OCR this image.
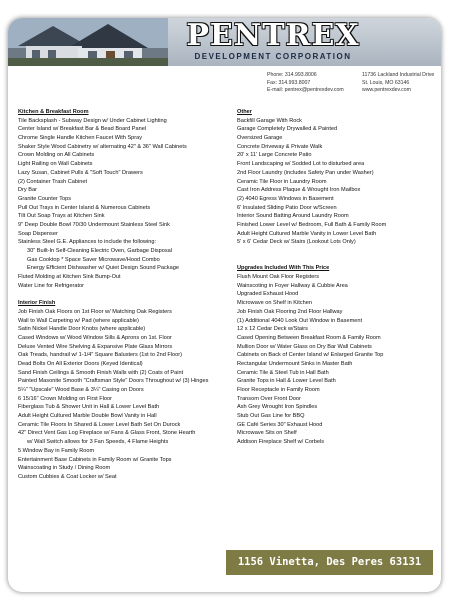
PENTREX
DEVELOPMENT CORPORATION
Phone: 314.993.8006
Fax: 314.993.8007
E-mail: pentrex@pentrexdev.com
11736 Lackland Industrial Drive
St. Louis, MO 63146
www.pentrexdev.com
Kitchen & Breakfast Room
Tile Backsplash - Subway Design w/ Under Cabinet Lighting
Center Island w/ Breakfast Bar & Bead Board Panel
Chrome Single Handle Kitchen Faucet With Spray
Shaker Style Wood Cabinetry w/ alternating 42" & 36" Wall Cabinets
Crown Molding on All Cabinets
Light Railing on Wall Cabinets
Lazy Susan, Cabinet Pulls & "Soft Touch" Drawers
(2) Container Trash Cabinet
Dry Bar
Granite Counter Tops
Pull Out Trays in Center Island & Numerous Cabinets
Tilt Out Soap Trays at Kitchen Sink
9" Deep Double Bowl 70/30 Undermount Stainless Steel Sink
Soap Dispenser
Stainless Steel G.E. Appliances to include the following:
30" Built-In Self-Cleaning Electric Oven, Garbage Disposal
Gas Cooktop * Space Saver Microwave/Hood Combo
Energy Efficient Dishwasher w/ Quiet Design Sound Package
Fluted Molding at Kitchen Sink Bump-Out
Water Line for Refrigerator
Interior Finish
Job Finish Oak Floors on 1st Floor w/ Matching Oak Registers
Wall to Wall Carpeting w/ Pad (where applicable)
Satin Nickel Handle Door Knobs (where applicable)
Cased Windows w/ Wood Window Sills & Aprons on 1st. Floor
Deluxe Vented Wire Shelving & Expansive Plate Glass Mirrors
Oak Treads, handrail w/ 1-1/4" Square Balusters (1st to 2nd Floor)
Dead Bolts On All Exterior Doors (Keyed Identical)
Sand Finish Ceilings & Smooth Finish Walls with (2) Coats of Paint
Painted Masonite Smooth "Craftsman Style" Doors Throughout w/ (3) Hinges
5¼" "Upscale" Wood Base & 3¼" Casing on Doors
6 15/16" Crown Molding on First Floor
Fiberglass Tub & Shower Unit in Hall & Lower Level Bath
Adult Height Cultured Marble Double Bowl Vanity in Hall
Ceramic Tile Floors In Shared & Lower Level Bath Set On Durock
42" Direct Vent Gas Log Fireplace w/ Fans & Glass Front, Stone Hearth
w/ Wall Switch allows for 3 Fan Speeds, 4 Flame Heights
5 Window Bay in Family Room
Entertainment Base Cabinets in Family Room w/ Granite Tops
Wainscoating in Study / Dining Room
Custom Cubbies & Coat Locker w/ Seat
Other
Backfill Garage With Rock
Garage Completely Drywalled & Painted
Oversized Garage
Concrete Driveway & Private Walk
20' x 11' Large Concrete Patio
Front Landscaping w/ Sodded Lot to disturbed area
2nd Floor Laundry (includes Safety Pan under Washer)
Ceramic Tile Floor in Laundry Room
Cast Iron Address Plaque & Wrought Iron Mailbox
(2) 4040 Egress Windows in Basement
6' Insulated Sliding Patio Door w/Screen
Interior Sound Batting Around Laundry Room
Finished Lower Level w/ Bedroom, Full Bath & Family Room
Adult Height Cultured Marble Vanity in Lower Level Bath
5' x 6' Cedar Deck w/ Stairs (Lookout Lots Only)
Upgrades Included With This Price
Flush Mount Oak Floor Registers
Wainscoting in Foyer Hallway & Cubbie Area
Upgraded Exhaust Hood
Microwave on Shelf in Kitchen
Job Finish Oak Flooring 2nd Floor Hallway
(1) Additional 4040 Look Out Window in Basement
12 x 12 Cedar Deck w/Stairs
Cased Opening Between Breakfast Room & Family Room
Mullion Door w/ Water Glass on Dry Bar Wall Cabinets
Cabinets on Back of Center Island w/ Enlarged Granite Top
Rectangular Undermount Sinks in Master Bath
Ceramic Tile & Steel Tub in Hall Bath
Granite Tops in Hall & Lower Level Bath
Floor Receptacle in Family Room
Transom Over Front Door
Ash Grey Wrought Iron Spindles
Stub Out Gas Line for BBQ
GE Café Series 30" Exhaust Hood
Microwave Sits on Shelf
Addison Fireplace Shelf w/ Corbels
1156 Vinetta, Des Peres 63131
